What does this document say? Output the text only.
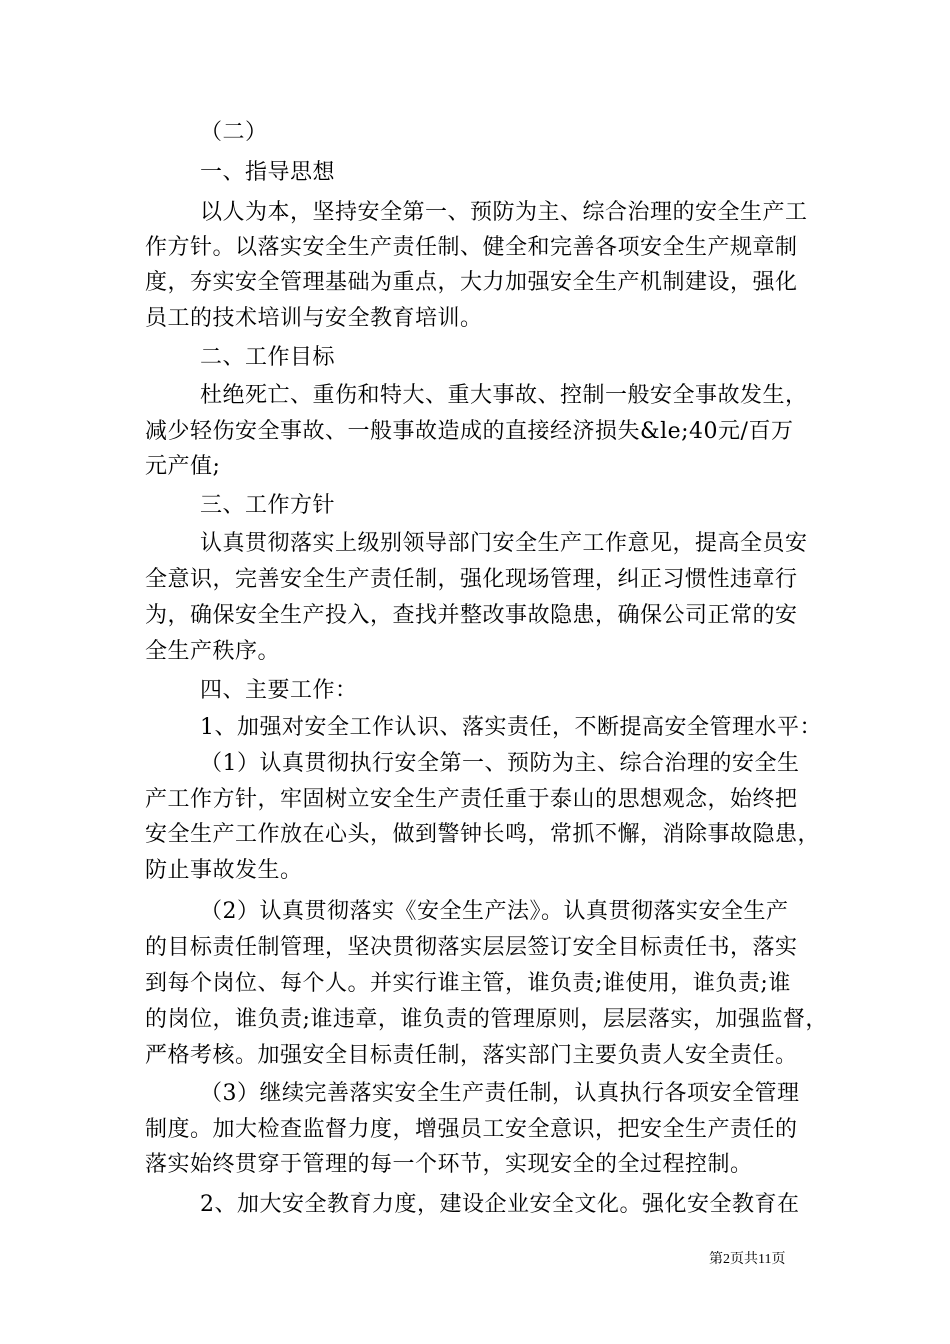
（二）
一、指导思想
以人为本，坚持安全第一、预防为主、综合治理的安全生产工
作方针。以落实安全生产责任制、健全和完善各项安全生产规章制
度，夯实安全管理基础为重点，大力加强安全生产机制建设，强化
员工的技术培训与安全教育培训。
二、工作目标
杜绝死亡、重伤和特大、重大事故、控制一般安全事故发生，
减少轻伤安全事故、一般事故造成的直接经济损失&le;40元/百万
元产值;
三、工作方针
认真贯彻落实上级别领导部门安全生产工作意见，提高全员安
全意识，完善安全生产责任制，强化现场管理，纠正习惯性违章行
为，确保安全生产投入，查找并整改事故隐患，确保公司正常的安
全生产秩序。
四、主要工作：
1、加强对安全工作认识、落实责任，不断提高安全管理水平：
（1）认真贯彻执行安全第一、预防为主、综合治理的安全生
产工作方针，牢固树立安全生产责任重于泰山的思想观念，始终把
安全生产工作放在心头，做到警钟长鸣，常抓不懈，消除事故隐患，
防止事故发生。
（2）认真贯彻落实《安全生产法》。认真贯彻落实安全生产
的目标责任制管理，坚决贯彻落实层层签订安全目标责任书，落实
到每个岗位、每个人。并实行谁主管，谁负责;谁使用，谁负责;谁
的岗位，谁负责;谁违章，谁负责的管理原则，层层落实，加强监督，
严格考核。加强安全目标责任制，落实部门主要负责人安全责任。
（3）继续完善落实安全生产责任制，认真执行各项安全管理
制度。加大检查监督力度，增强员工安全意识，把安全生产责任的
落实始终贯穿于管理的每一个环节，实现安全的全过程控制。
2、加大安全教育力度，建设企业安全文化。强化安全教育在
第2页共11页
